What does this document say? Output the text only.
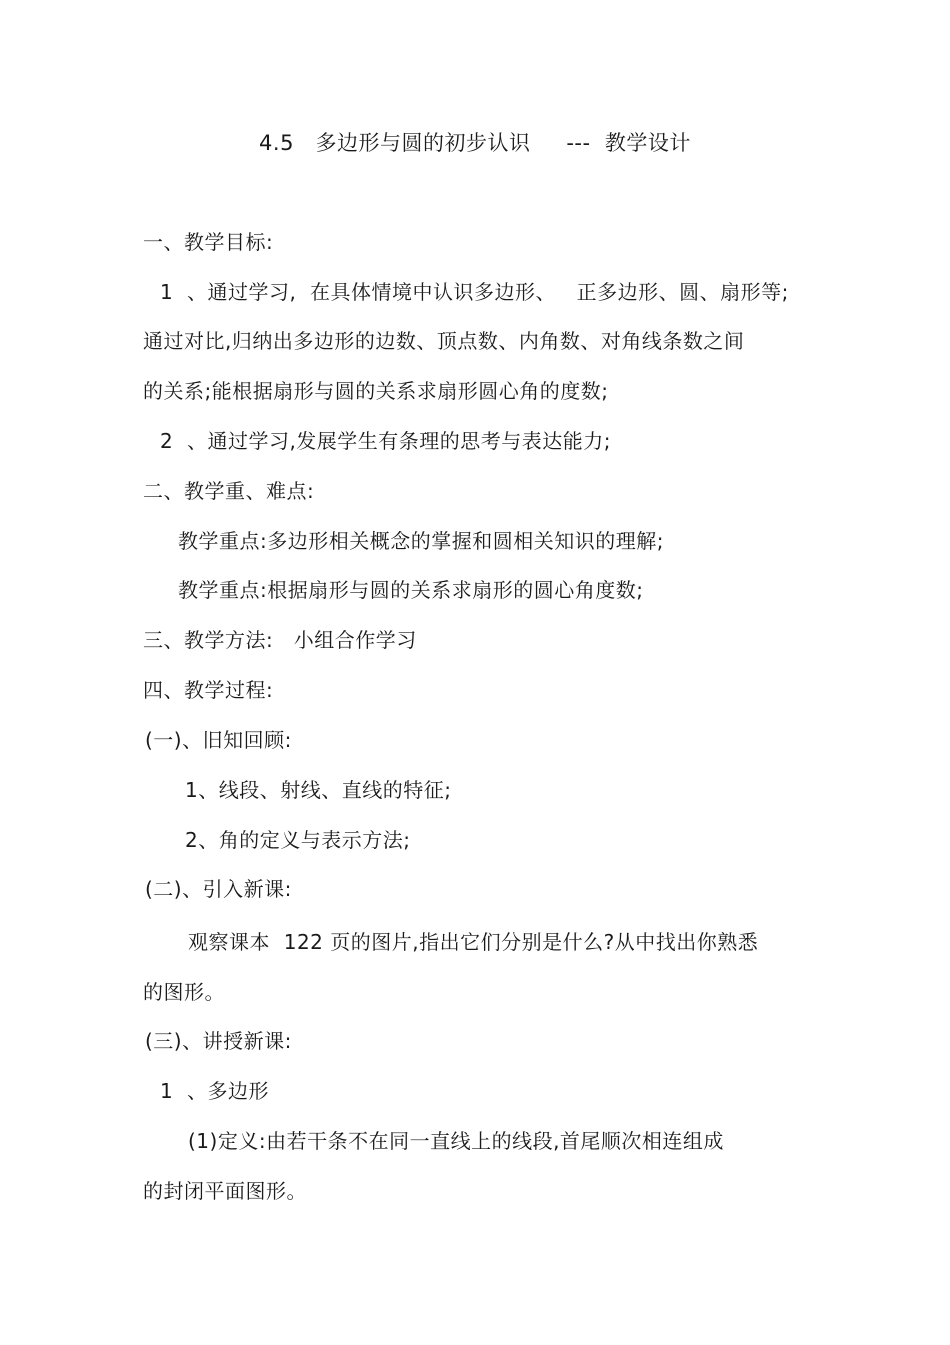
4.5   多边形与圆的初步认识     ---  教学设计
一、教学目标:
1  、通过学习,  在具体情境中认识多边形、   正多边形、圆、扇形等;
通过对比,归纳出多边形的边数、顶点数、内角数、对角线条数之间
的关系;能根据扇形与圆的关系求扇形圆心角的度数;
2  、通过学习,发展学生有条理的思考与表达能力;
二、教学重、难点:
教学重点:多边形相关概念的掌握和圆相关知识的理解;
教学重点:根据扇形与圆的关系求扇形的圆心角度数;
三、教学方法:   小组合作学习
四、教学过程:
(一)、旧知回顾:
1、线段、射线、直线的特征;
2、角的定义与表示方法;
(二)、引入新课:
观察课本  122 页的图片,指出它们分别是什么?从中找出你熟悉
的图形。
(三)、讲授新课:
1  、多边形
(1)定义:由若干条不在同一直线上的线段,首尾顺次相连组成
的封闭平面图形。
